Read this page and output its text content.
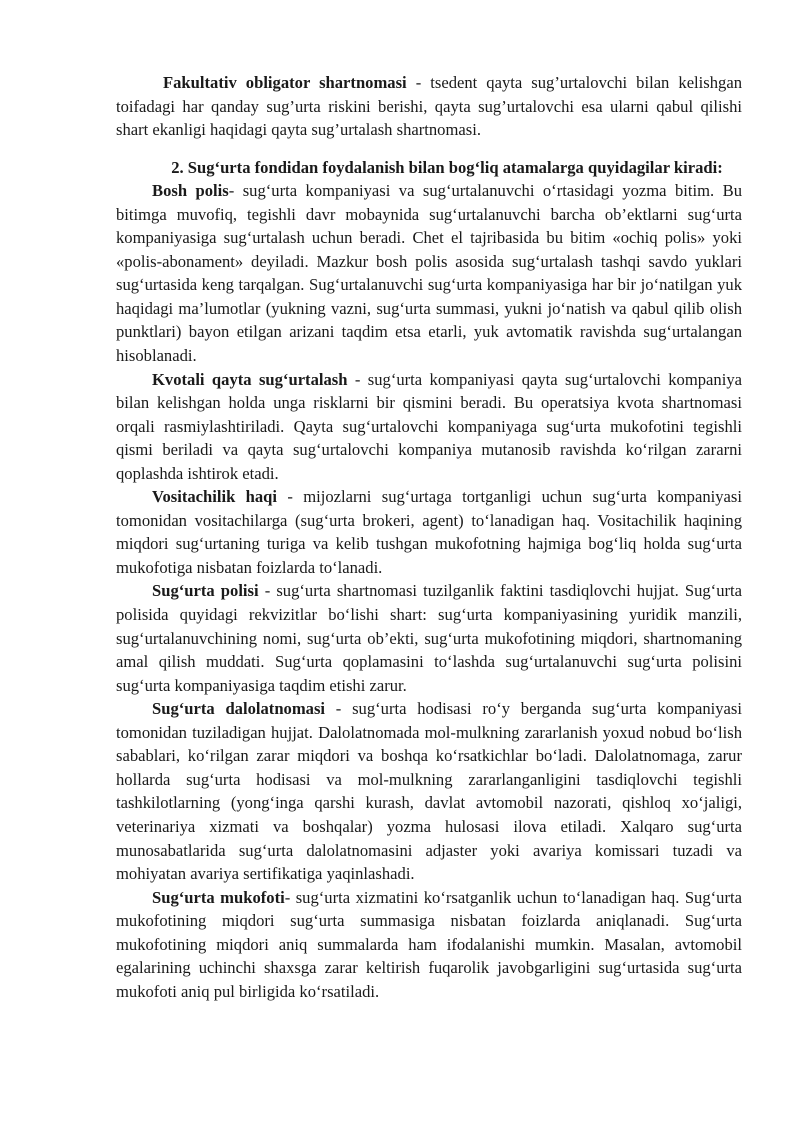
Fakultativ obligator shartnomasi - tsedent qayta sug’urtalovchi bilan kelishgan toifadagi har qanday sug’urta riskini berishi, qayta sug’urtalovchi esa ularni qabul qilishi shart ekanligi haqidagi qayta sug’urtalash shartnomasi.

2. Sug‘urta fondidan foydalanish bilan bog‘liq atamalarga quyidagilar kiradi:

Bosh polis- sug‘urta kompaniyasi va sug‘urtalanuvchi o‘rtasidagi yozma bitim. Bu bitimga muvofiq, tegishli davr mobaynida sug‘urtalanuvchi barcha ob’ektlarni sug‘urta kompaniyasiga sug‘urtalash uchun beradi. Chet el tajribasida bu bitim «ochiq polis» yoki «polis-abonament» deyiladi. Mazkur bosh polis asosida sug‘urtalash tashqi savdo yuklari sug‘urtasida keng tarqalgan. Sug‘urtalanuvchi sug‘urta kompaniyasiga har bir jo‘natilgan yuk haqidagi ma’lumotlar (yukning vazni, sug‘urta summasi, yukni jo‘natish va qabul qilib olish punktlari) bayon etilgan arizani taqdim etsa etarli, yuk avtomatik ravishda sug‘urtalangan hisoblanadi.

Kvotali qayta sug‘urtalash - sug‘urta kompaniyasi qayta sug‘urtalovchi kompaniya bilan kelishgan holda unga risklarni bir qismini beradi. Bu operatsiya kvota shartnomasi orqali rasmiylashtiriladi. Qayta sug‘urtalovchi kompaniyaga sug‘urta mukofotini tegishli qismi beriladi va qayta sug‘urtalovchi kompaniya mutanosib ravishda ko‘rilgan zararni qoplashda ishtirok etadi.

Vositachilik haqi - mijozlarni sug‘urtaga tortganligi uchun sug‘urta kompaniyasi tomonidan vositachilarga (sug‘urta brokeri, agent) to‘lanadigan haq. Vositachilik haqining miqdori sug‘urtaning turiga va kelib tushgan mukofotning hajmiga bog‘liq holda sug‘urta mukofotiga nisbatan foizlarda to‘lanadi.

Sug‘urta polisi - sug‘urta shartnomasi tuzilganlik faktini tasdiqlovchi hujjat. Sug‘urta polisida quyidagi rekvizitlar bo‘lishi shart: sug‘urta kompaniyasining yuridik manzili, sug‘urtalanuvchining nomi, sug‘urta ob’ekti, sug‘urta mukofotining miqdori, shartnomaning amal qilish muddati. Sug‘urta qoplamasini to‘lashda sug‘urtalanuvchi sug‘urta polisini sug‘urta kompaniyasiga taqdim etishi zarur.

Sug‘urta dalolatnomasi - sug‘urta hodisasi ro‘y berganda sug‘urta kompaniyasi tomonidan tuziladigan hujjat. Dalolatnomada mol-mulkning zararlanish yoxud nobud bo‘lish sabablari, ko‘rilgan zarar miqdori va boshqa ko‘rsatkichlar bo‘ladi. Dalolatnomaga, zarur hollarda sug‘urta hodisasi va mol-mulkning zararlanganligini tasdiqlovchi tegishli tashkilotlarning (yong‘inga qarshi kurash, davlat avtomobil nazorati, qishloq xo‘jaligi, veterinariya xizmati va boshqalar) yozma hulosasi ilova etiladi. Xalqaro sug‘urta munosabatlarida sug‘urta dalolatnomasini adjaster yoki avariya komissari tuzadi va mohiyatan avariya sertifikatiga yaqinlashadi.

Sug‘urta mukofoti- sug‘urta xizmatini ko‘rsatganlik uchun to‘lanadigan haq. Sug‘urta mukofotining miqdori sug‘urta summasiga nisbatan foizlarda aniqlanadi. Sug‘urta mukofotining miqdori aniq summalarda ham ifodalanishi mumkin. Masalan, avtomobil egalarining uchinchi shaxsga zarar keltirish fuqarolik javobgarligini sug‘urtasida sug‘urta mukofoti aniq pul birligida ko‘rsatiladi.
